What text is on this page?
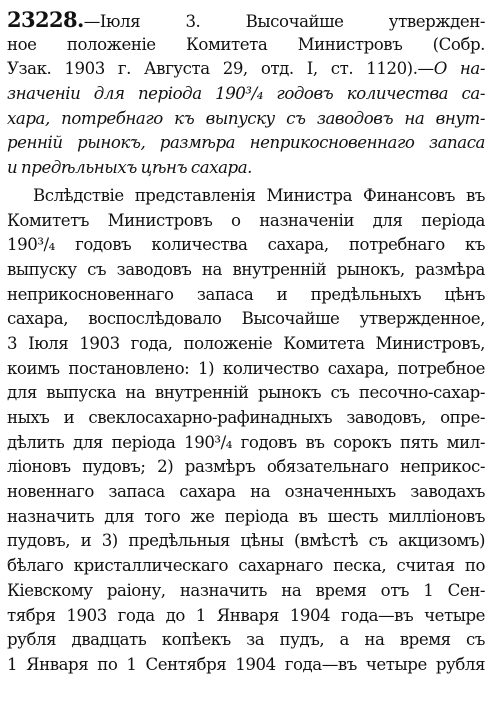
23228.—Іюля 3. Высочайше утвержден-
ное положеніе Комитета Министровъ (Собр.
Узак. 1903 г. Августа 29, отд. I, ст. 1120).—О на-
значеніи для періода 190³/₄ годовъ количества са-
хара, потребнаго къ выпуску съ заводовъ на внут-
ренній рынокъ, размѣра неприкосновеннаго запаса
и предѣльныхъ цѣнъ сахара.
Вслѣдствіе представленія Министра Финансовъ въ
Комитетъ Министровъ о назначеніи для періода
190³/₄ годовъ количества сахара, потребнаго къ
выпуску съ заводовъ на внутренній рынокъ, размѣра
неприкосновеннаго запаса и предѣльныхъ цѣнъ
сахара, воспослѣдовало Высочайше утвержденное,
3 Іюля 1903 года, положеніе Комитета Министровъ,
коимъ постановлено: 1) количество сахара, потребное
для выпуска на внутренній рынокъ съ песочно-сахар-
ныхъ и свеклосахарно-рафинадныхъ заводовъ, опре-
дѣлить для періода 190³/₄ годовъ въ сорокъ пять мил-
ліоновъ пудовъ; 2) размѣръ обязательнаго неприкос-
новеннаго запаса сахара на означенныхъ заводахъ
назначить для того же періода въ шесть милліоновъ
пудовъ, и 3) предѣльныя цѣны (вмѣстѣ съ акцизомъ)
бѣлаго кристаллическаго сахарнаго песка, считая по
Кіевскому раіону, назначить на время отъ 1 Сен-
тября 1903 года до 1 Января 1904 года—въ четыре
рубля двадцать копѣекъ за пудъ, а на время съ
1 Января по 1 Сентября 1904 года—въ четыре рубля
